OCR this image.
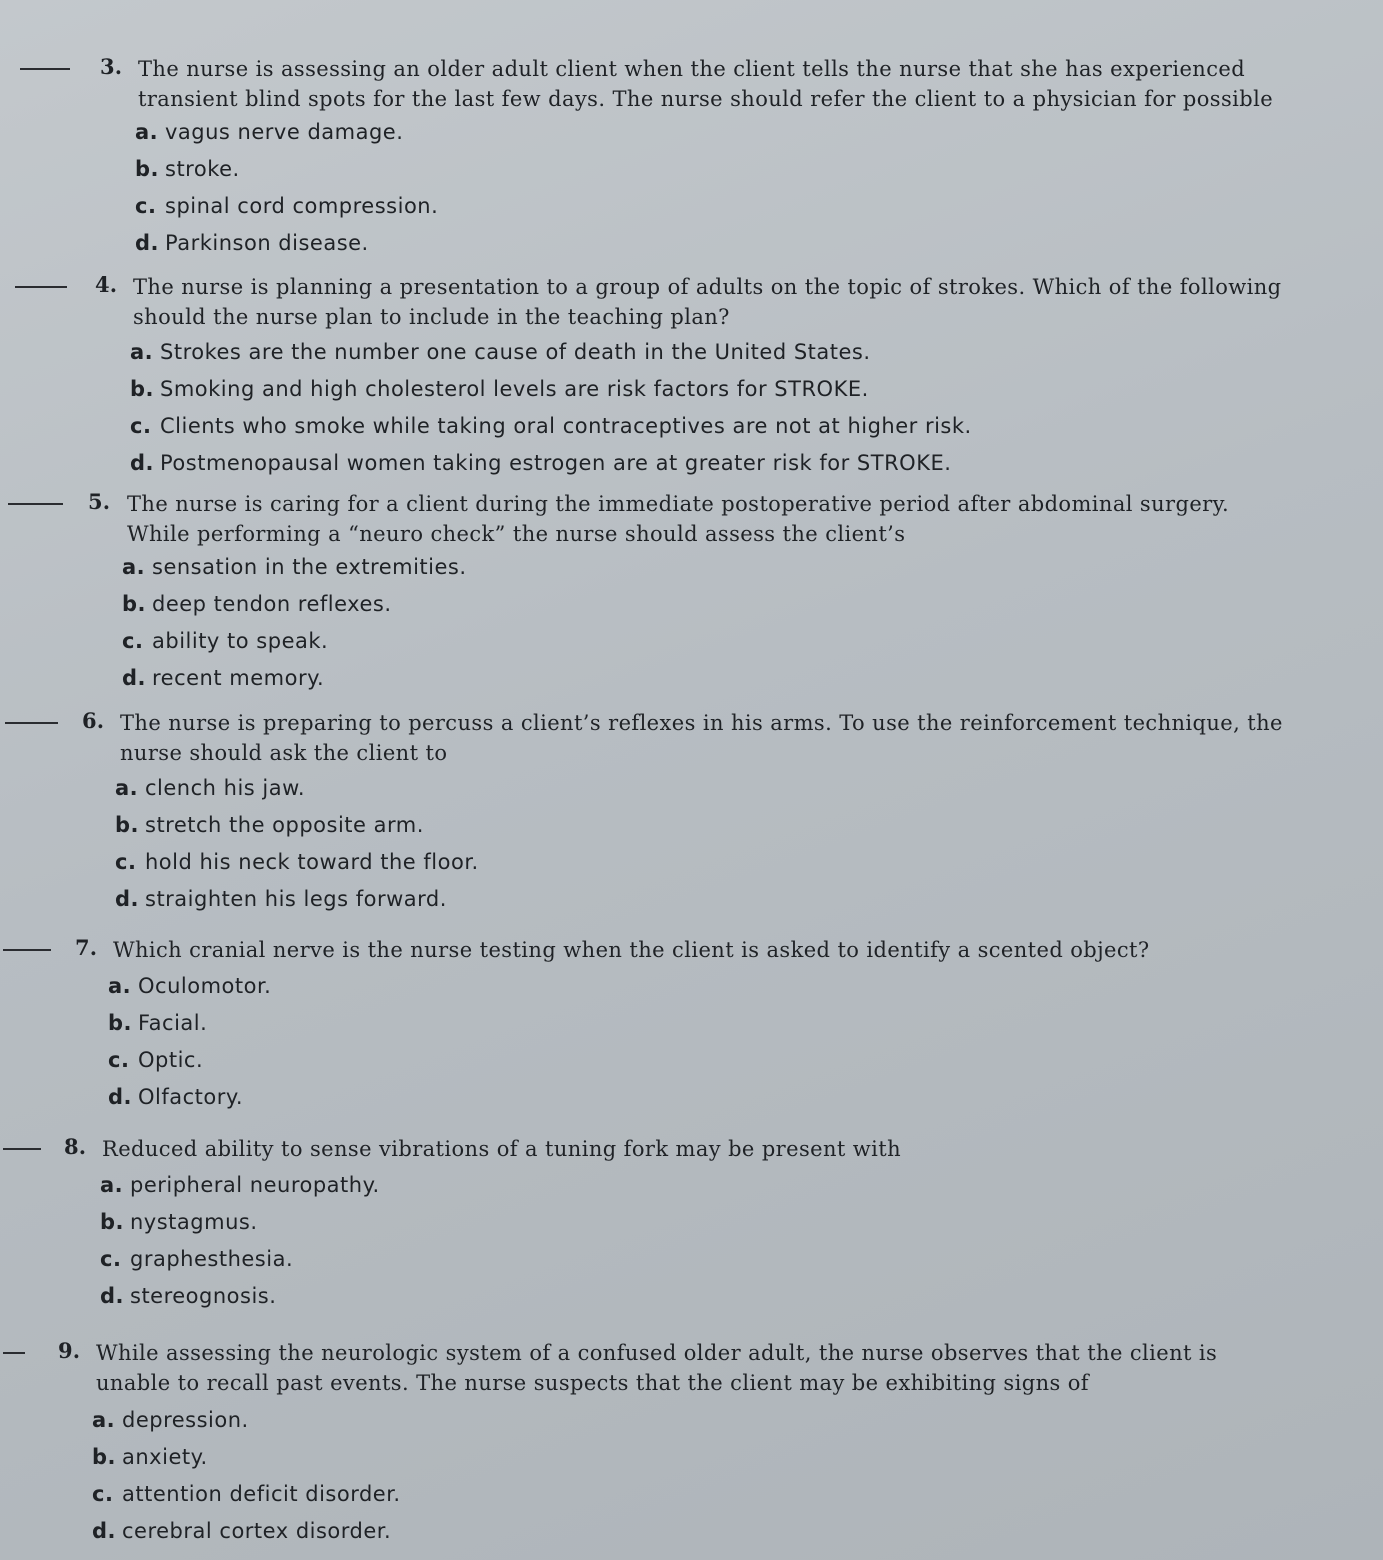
3. The nurse is assessing an older adult client when the client tells the nurse that she has experienced
transient blind spots for the last few days. The nurse should refer the client to a physician for possible
a. vagus nerve damage.
b. stroke.
c. spinal cord compression.
d. Parkinson disease.
4. The nurse is planning a presentation to a group of adults on the topic of strokes. Which of the following
should the nurse plan to include in the teaching plan?
a. Strokes are the number one cause of death in the United States.
b. Smoking and high cholesterol levels are risk factors for STROKE.
c. Clients who smoke while taking oral contraceptives are not at higher risk.
d. Postmenopausal women taking estrogen are at greater risk for STROKE.
5. The nurse is caring for a client during the immediate postoperative period after abdominal surgery.
While performing a “neuro check” the nurse should assess the client’s
a. sensation in the extremities.
b. deep tendon reflexes.
c. ability to speak.
d. recent memory.
6. The nurse is preparing to percuss a client’s reflexes in his arms. To use the reinforcement technique, the
nurse should ask the client to
a. clench his jaw.
b. stretch the opposite arm.
c. hold his neck toward the floor.
d. straighten his legs forward.
7. Which cranial nerve is the nurse testing when the client is asked to identify a scented object?
a. Oculomotor.
b. Facial.
c. Optic.
d. Olfactory.
8. Reduced ability to sense vibrations of a tuning fork may be present with
a. peripheral neuropathy.
b. nystagmus.
c. graphesthesia.
d. stereognosis.
9. While assessing the neurologic system of a confused older adult, the nurse observes that the client is
unable to recall past events. The nurse suspects that the client may be exhibiting signs of
a. depression.
b. anxiety.
c. attention deficit disorder.
d. cerebral cortex disorder.
